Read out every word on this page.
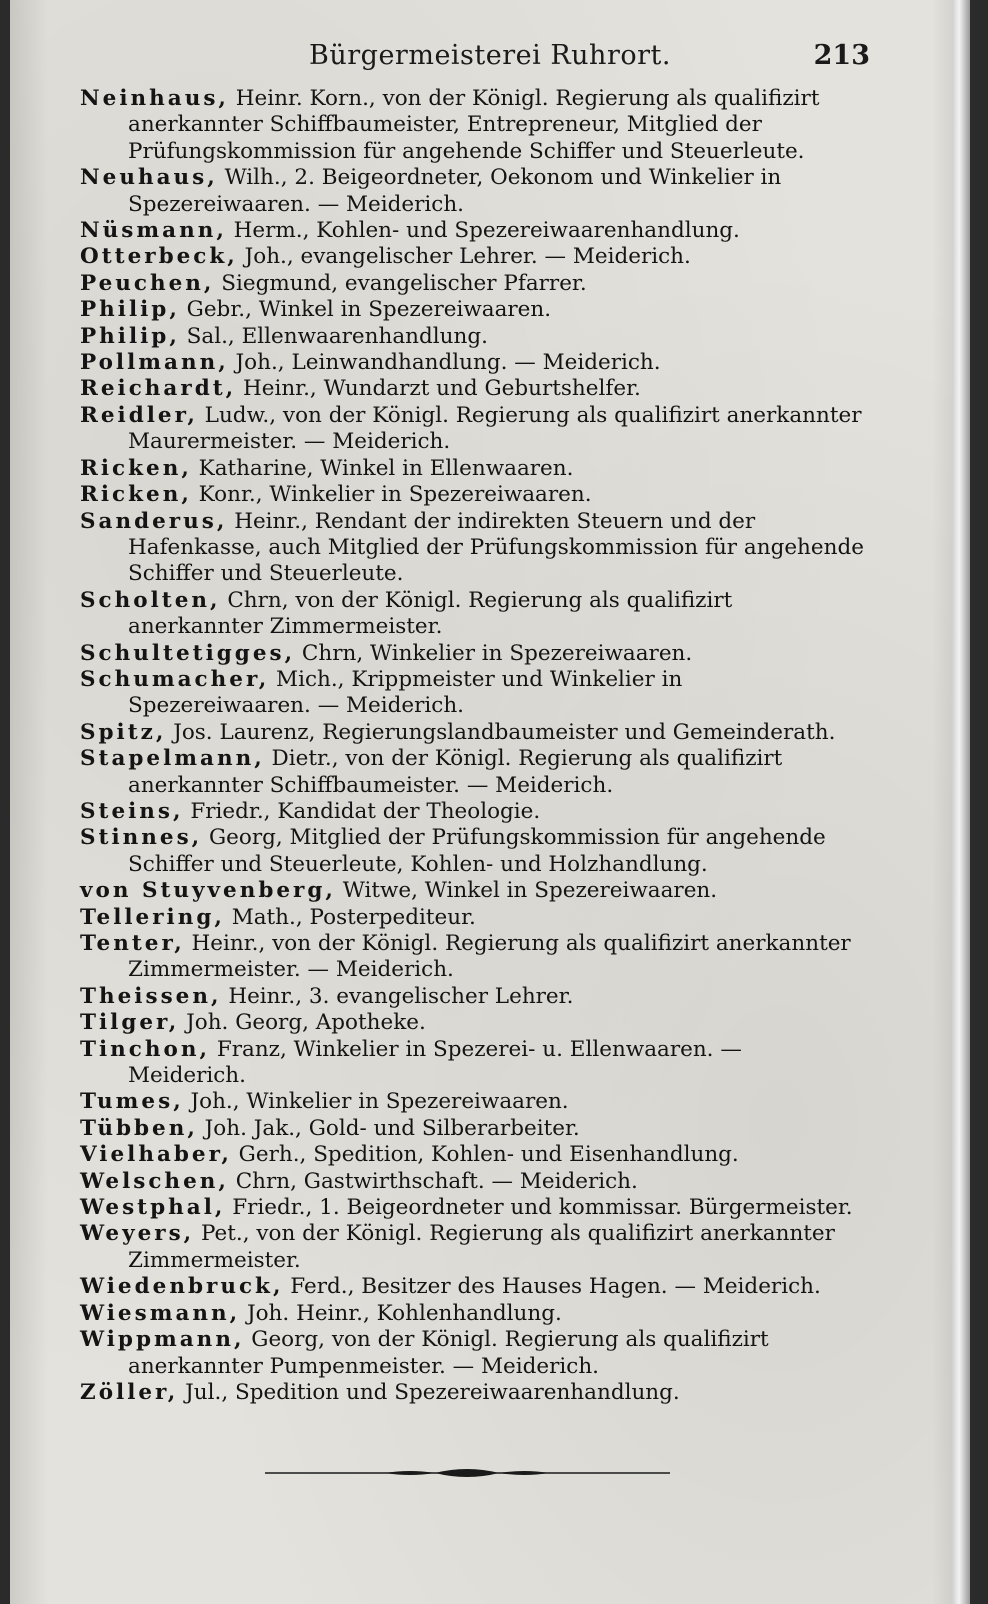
Bürgermeisterei Ruhrort.	213

Neinhaus, Heinr. Korn., von der Königl. Regierung als qualifizirt anerkannter Schiffbaumeister, Entrepreneur, Mitglied der Prüfungskommission für angehende Schiffer und Steuerleute.

Neuhaus, Wilh., 2. Beigeordneter, Oekonom und Winkelier in Spezereiwaaren. — Meiderich.

Nüsmann, Herm., Kohlen- und Spezereiwaarenhandlung.

Otterbeck, Joh., evangelischer Lehrer. — Meiderich.

Peuchen, Siegmund, evangelischer Pfarrer.

Philip, Gebr., Winkel in Spezereiwaaren.

Philip, Sal., Ellenwaarenhandlung.

Pollmann, Joh., Leinwandhandlung. — Meiderich.

Reichardt, Heinr., Wundarzt und Geburtshelfer.

Reidler, Ludw., von der Königl. Regierung als qualifizirt anerkannter Maurermeister. — Meiderich.

Ricken, Katharine, Winkel in Ellenwaaren.

Ricken, Konr., Winkelier in Spezereiwaaren.

Sanderus, Heinr., Rendant der indirekten Steuern und der Hafenkasse, auch Mitglied der Prüfungskommission für angehende Schiffer und Steuerleute.

Scholten, Chrn, von der Königl. Regierung als qualifizirt anerkannter Zimmermeister.

Schultetigges, Chrn, Winkelier in Spezereiwaaren.

Schumacher, Mich., Krippmeister und Winkelier in Spezereiwaaren. — Meiderich.

Spitz, Jos. Laurenz, Regierungslandbaumeister und Gemeinderath.

Stapelmann, Dietr., von der Königl. Regierung als qualifizirt anerkannter Schiffbaumeister. — Meiderich.

Steins, Friedr., Kandidat der Theologie.

Stinnes, Georg, Mitglied der Prüfungskommission für angehende Schiffer und Steuerleute, Kohlen- und Holzhandlung.

von Stuyvenberg, Witwe, Winkel in Spezereiwaaren.

Tellering, Math., Posterpediteur.

Tenter, Heinr., von der Königl. Regierung als qualifizirt anerkannter Zimmermeister. — Meiderich.

Theissen, Heinr., 3. evangelischer Lehrer.

Tilger, Joh. Georg, Apotheke.

Tinchon, Franz, Winkelier in Spezerei- u. Ellenwaaren. — Meiderich.

Tumes, Joh., Winkelier in Spezereiwaaren.

Tübben, Joh. Jak., Gold- und Silberarbeiter.

Vielhaber, Gerh., Spedition, Kohlen- und Eisenhandlung.

Welschen, Chrn, Gastwirthschaft. — Meiderich.

Westphal, Friedr., 1. Beigeordneter und kommissar. Bürgermeister.

Weyers, Pet., von der Königl. Regierung als qualifizirt anerkannter Zimmermeister.

Wiedenbruck, Ferd., Besitzer des Hauses Hagen. — Meiderich.

Wiesmann, Joh. Heinr., Kohlenhandlung.

Wippmann, Georg, von der Königl. Regierung als qualifizirt anerkannter Pumpenmeister. — Meiderich.

Zöller, Jul., Spedition und Spezereiwaarenhandlung.
